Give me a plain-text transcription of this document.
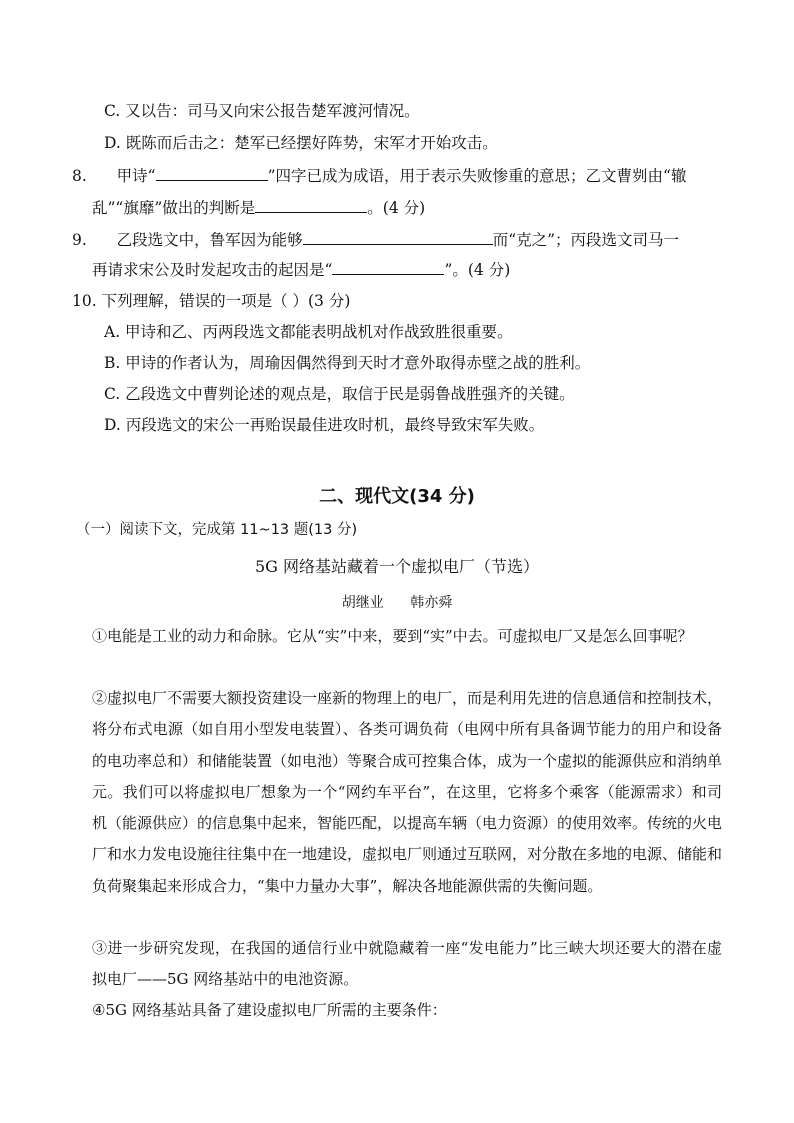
C. 又以告：司马又向宋公报告楚军渡河情况。
D. 既陈而后击之：楚军已经摆好阵势，宋军才开始攻击。
8. 甲诗“	”四字已成为成语，用于表示失败惨重的意思；乙文曹刿由“辙
乱”“旗靡”做出的判断是	。(4 分)
9. 乙段选文中，鲁军因为能够	而“克之”；丙段选文司马一
再请求宋公及时发起攻击的起因是“	”。(4 分)
10. 下列理解，错误的一项是（ ）(3 分)
A. 甲诗和乙、丙两段选文都能表明战机对作战致胜很重要。
B. 甲诗的作者认为，周瑜因偶然得到天时才意外取得赤壁之战的胜利。
C. 乙段选文中曹刿论述的观点是，取信于民是弱鲁战胜强齐的关键。
D. 丙段选文的宋公一再贻误最佳进攻时机，最终导致宋军失败。
二、现代文(34 分)
（一）阅读下文，完成第 11~13 题(13 分)
5G 网络基站藏着一个虚拟电厂（节选）
胡继业 韩亦舜
①电能是工业的动力和命脉。它从“实”中来，要到“实”中去。可虚拟电厂又是怎么回事呢？
②虚拟电厂不需要大额投资建设一座新的物理上的电厂，而是利用先进的信息通信和控制技术，将分布式电源（如自用小型发电装置）、各类可调负荷（电网中所有具备调节能力的用户和设备的电功率总和）和储能装置（如电池）等聚合成可控集合体，成为一个虚拟的能源供应和消纳单元。我们可以将虚拟电厂想象为一个“网约车平台”，在这里，它将多个乘客（能源需求）和司机（能源供应）的信息集中起来，智能匹配，以提高车辆（电力资源）的使用效率。传统的火电厂和水力发电设施往往集中在一地建设，虚拟电厂则通过互联网，对分散在多地的电源、储能和负荷聚集起来形成合力，“集中力量办大事”，解决各地能源供需的失衡问题。
③进一步研究发现，在我国的通信行业中就隐藏着一座“发电能力”比三峡大坝还要大的潜在虚拟电厂——5G 网络基站中的电池资源。
④5G 网络基站具备了建设虚拟电厂所需的主要条件：
